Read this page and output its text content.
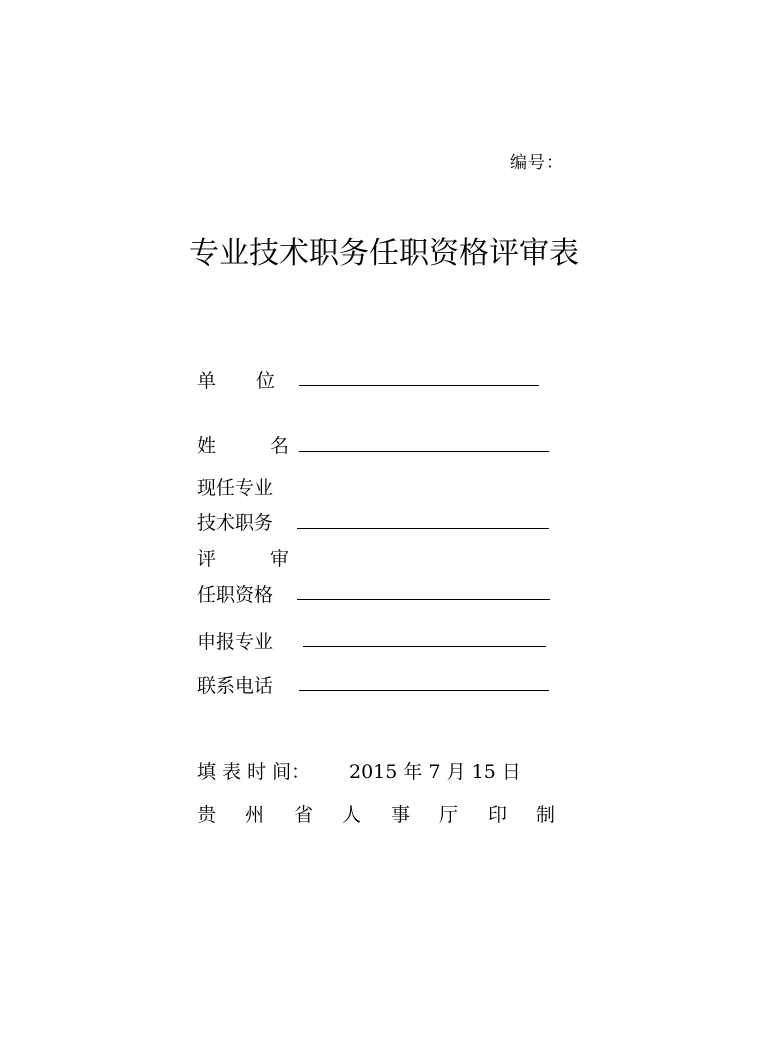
编号：
专业技术职务任职资格评审表
单位
姓名
现任专业
技术职务
评审
任职资格
申报专业
联系电话
填 表 时 间： 2015 年 7 月 15 日
贵 州 省 人 事 厅 印 制
